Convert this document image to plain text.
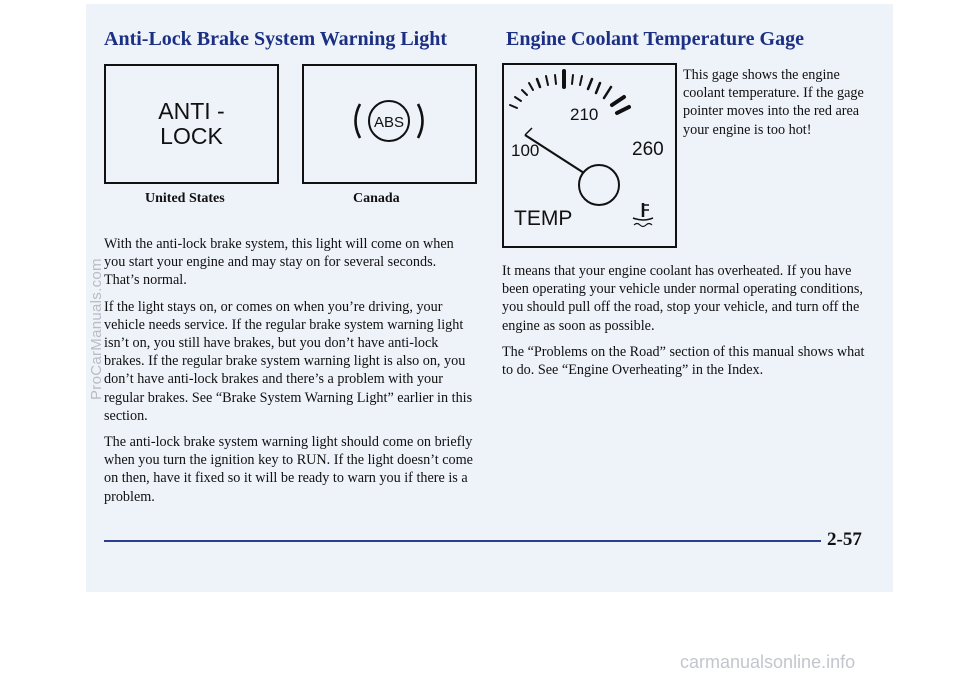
ProCarManuals.com
Anti-Lock Brake System Warning Light
ANTI -
LOCK
United States
ABS
Canada

With the anti-lock brake system, this light will come on when you start your engine and may stay on for several seconds. That’s normal.

If the light stays on, or comes on when you’re driving, your vehicle needs service. If the regular brake system warning light isn’t on, you still have brakes, but you don’t have anti-lock brakes. If the regular brake system warning light is also on, you don’t have anti-lock brakes and there’s a problem with your regular brakes. See “Brake System Warning Light” earlier in this section.

The anti-lock brake system warning light should come on briefly when you turn the ignition key to RUN. If the light doesn’t come on then, have it fixed so it will be ready to warn you if there is a problem.

Engine Coolant Temperature Gage
210
100	260
TEMP

This gage shows the engine coolant temperature. If the gage pointer moves into the red area your engine is too hot!

It means that your engine coolant has overheated. If you have been operating your vehicle under normal operating conditions, you should pull off the road, stop your vehicle, and turn off the engine as soon as possible.

The “Problems on the Road” section of this manual shows what to do. See “Engine Overheating” in the Index.

2-57
carmanualsonline.info
